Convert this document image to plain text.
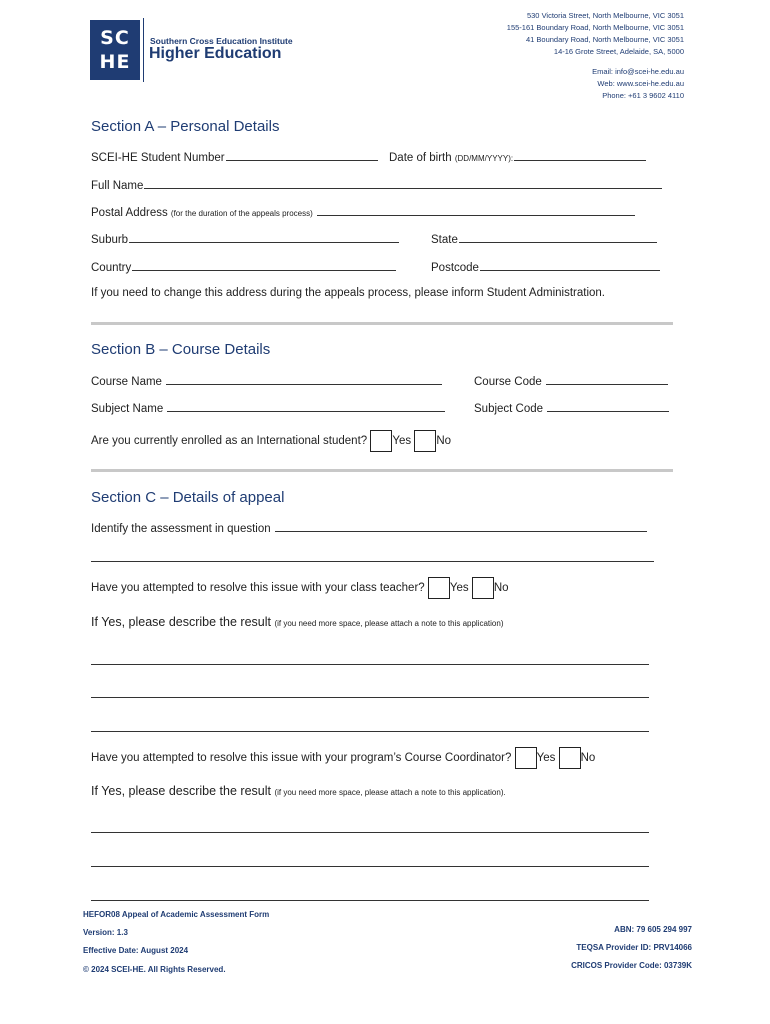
SC
HE
Southern Cross Education Institute
Higher Education
530 Victoria Street, North Melbourne, VIC 3051
155-161 Boundary Road, North Melbourne, VIC 3051
41 Boundary Road, North Melbourne, VIC 3051
14-16 Grote Street, Adelaide, SA, 5000
Email: info@scei-he.edu.au
Web: www.scei-he.edu.au
Phone: +61 3 9602 4110
Section A – Personal Details
SCEI-HE Student Number	Date of birth (DD/MM/YYYY):
Full Name
Postal Address (for the duration of the appeals process)
Suburb	State
Country	Postcode
If you need to change this address during the appeals process, please inform Student Administration.
Section B – Course Details
Course Name	Course Code
Subject Name	Subject Code
Are you currently enrolled as an International student? Yes No
Section C – Details of appeal
Identify the assessment in question
Have you attempted to resolve this issue with your class teacher? Yes No
If Yes, please describe the result (if you need more space, please attach a note to this application)
Have you attempted to resolve this issue with your program’s Course Coordinator? Yes No
If Yes, please describe the result (if you need more space, please attach a note to this application).
HEFOR08 Appeal of Academic Assessment Form
Version: 1.3
Effective Date: August 2024
© 2024 SCEI-HE. All Rights Reserved.
ABN: 79 605 294 997
TEQSA Provider ID: PRV14066
CRICOS Provider Code: 03739K
